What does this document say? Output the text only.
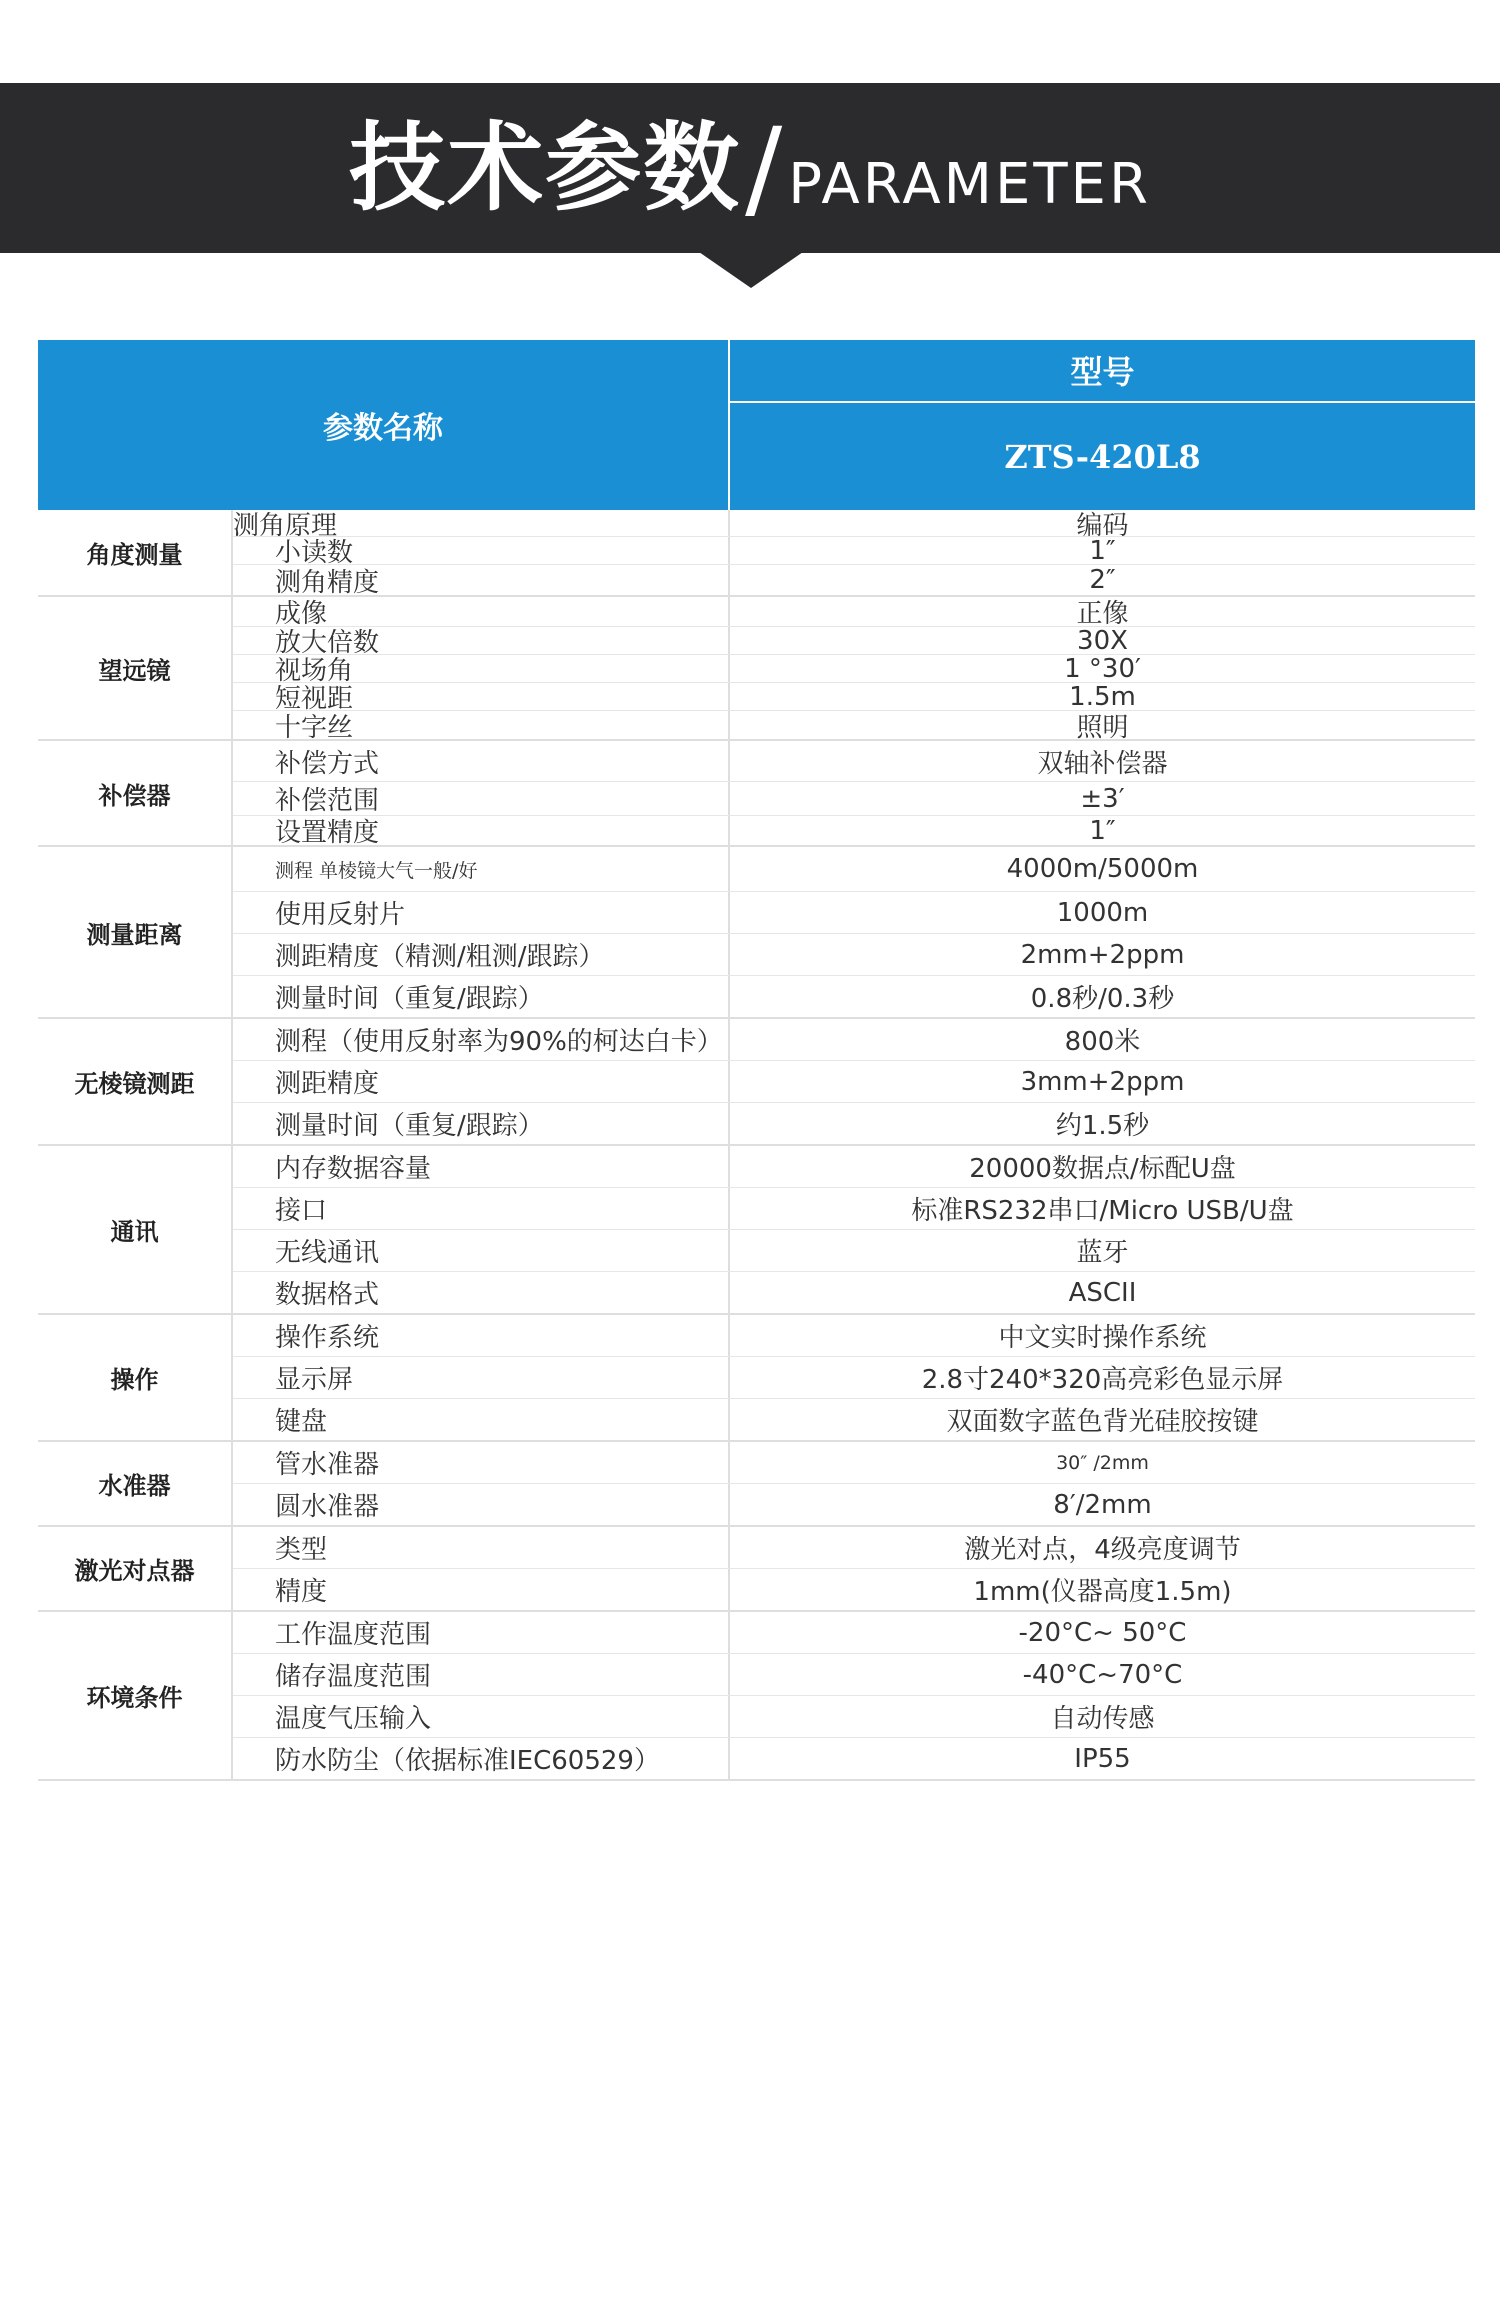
技术参数 / PARAMETER
参数名称
型号
ZTS-420L8
角度测量
测角原理	编码
小读数	1″
测角精度	2″
望远镜
成像	正像
放大倍数	30X
视场角	1 °30′
短视距	1.5m
十字丝	照明
补偿器
补偿方式	双轴补偿器
补偿范围	±3′
设置精度	1″
测量距离
测程 单棱镜大气一般/好	4000m/5000m
使用反射片	1000m
测距精度（精测/粗测/跟踪）	2mm+2ppm
测量时间（重复/跟踪）	0.8秒/0.3秒
无棱镜测距
测程（使用反射率为90%的柯达白卡）	800米
测距精度	3mm+2ppm
测量时间（重复/跟踪）	约1.5秒
通讯
内存数据容量	20000数据点/标配U盘
接口	标准RS232串口/Micro USB/U盘
无线通讯	蓝牙
数据格式	ASCII
操作
操作系统	中文实时操作系统
显示屏	2.8寸240*320高亮彩色显示屏
键盘	双面数字蓝色背光硅胶按键
水准器
管水准器	30″ /2mm
圆水准器	8′/2mm
激光对点器
类型	激光对点，4级亮度调节
精度	1mm(仪器高度1.5m)
环境条件
工作温度范围	-20°C~ 50°C
储存温度范围	-40°C~70°C
温度气压输入	自动传感
防水防尘（依据标准IEC60529）	IP55
